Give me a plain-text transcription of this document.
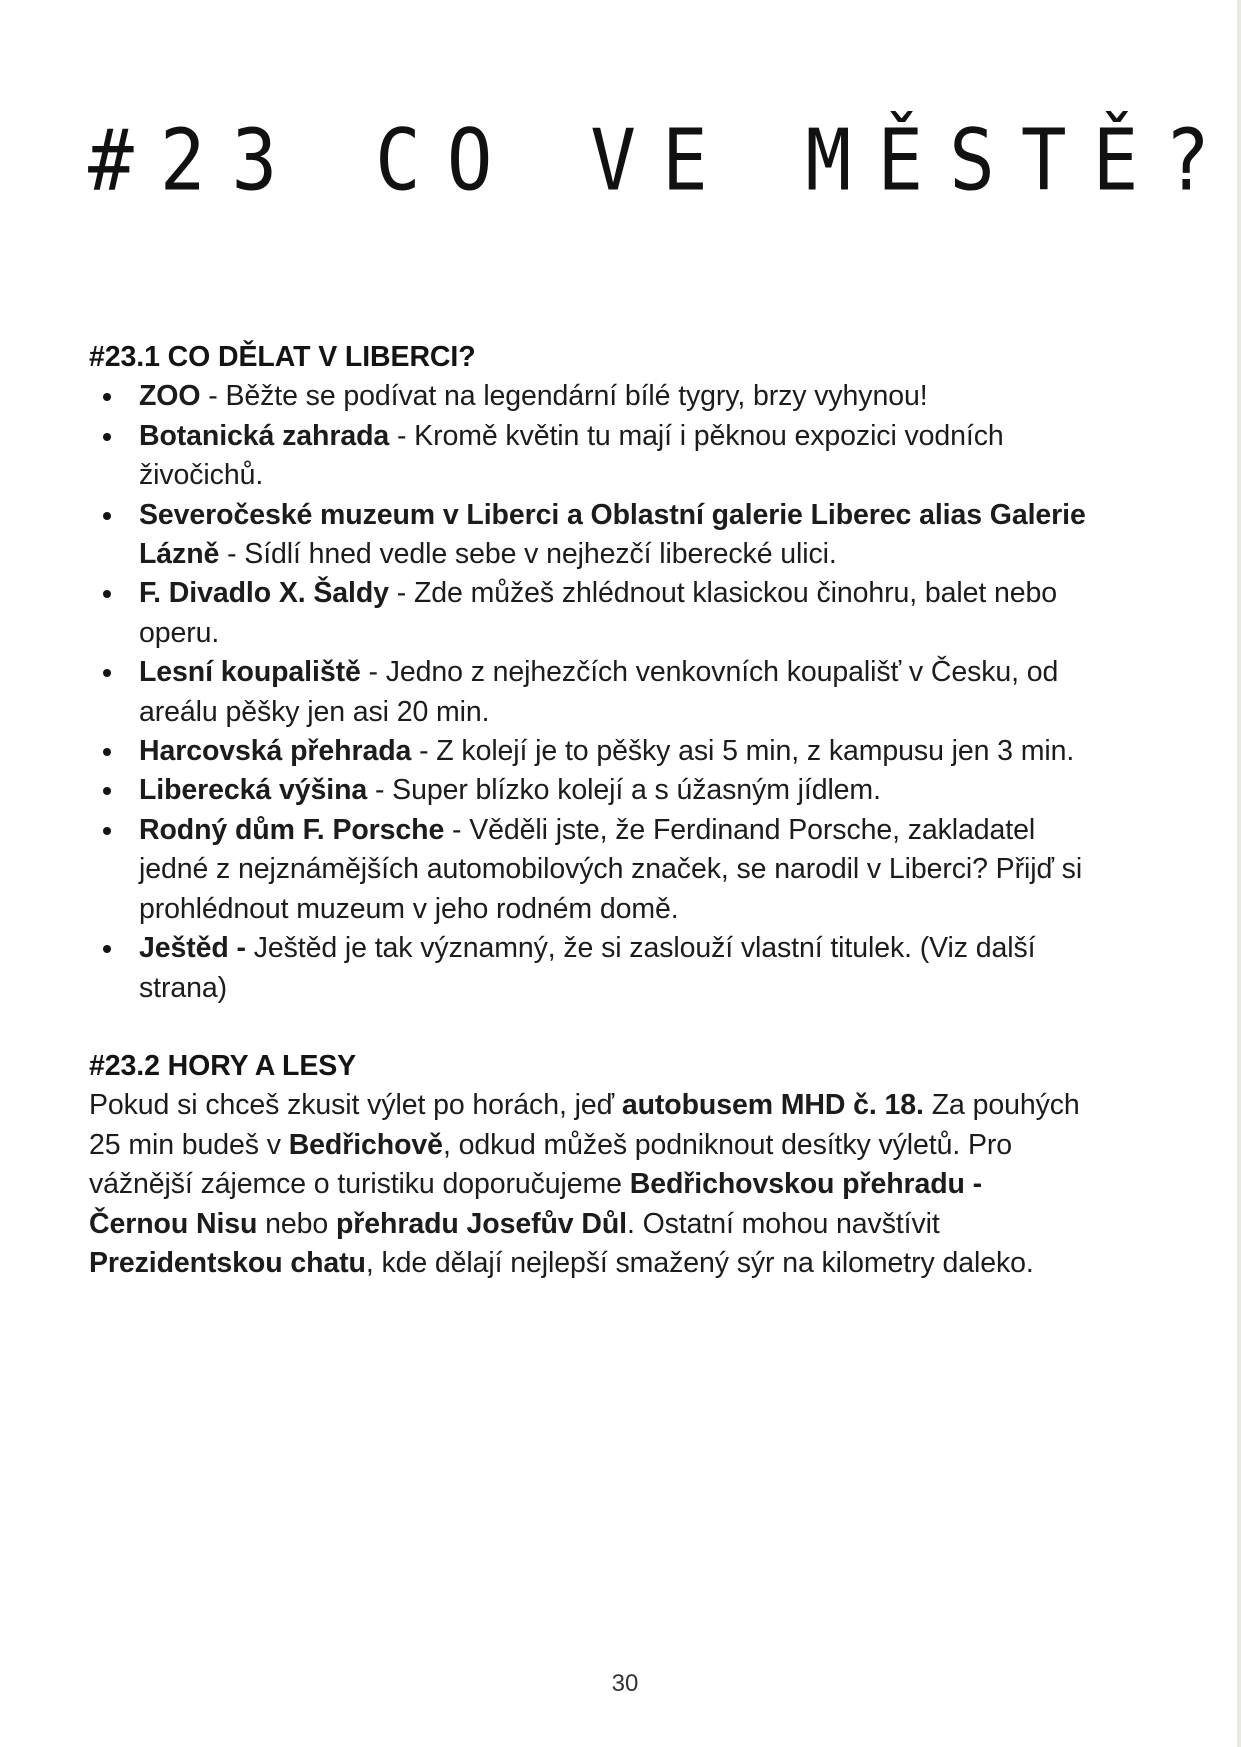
#23 CO VE MĚSTĚ?
#23.1 CO DĚLAT V LIBERCI?
ZOO - Běžte se podívat na legendární bílé tygry, brzy vyhynou!
Botanická zahrada - Kromě květin tu mají i pěknou expozici vodních živočichů.
Severočeské muzeum v Liberci a Oblastní galerie Liberec alias Galerie Lázně - Sídlí hned vedle sebe v nejhezčí liberecké ulici.
F. Divadlo X. Šaldy - Zde můžeš zhlédnout klasickou činohru, balet nebo operu.
Lesní koupaliště - Jedno z nejhezčích venkovních koupališť v Česku, od areálu pěšky jen asi 20 min.
Harcovská přehrada - Z kolejí je to pěšky asi 5 min, z kampusu jen 3 min.
Liberecká výšina - Super blízko kolejí a s úžasným jídlem.
Rodný dům F. Porsche - Věděli jste, že Ferdinand Porsche, zakladatel jedné z nejznámějších automobilových značek, se narodil v Liberci? Přijď si prohlédnout muzeum v jeho rodném domě.
Ještěd - Ještěd je tak významný, že si zaslouží vlastní titulek. (Viz další strana)
#23.2 HORY A LESY

Pokud si chceš zkusit výlet po horách, jeď autobusem MHD č. 18. Za pouhých 25 min budeš v Bedřichově, odkud můžeš podniknout desítky výletů. Pro vážnější zájemce o turistiku doporučujeme Bedřichovskou přehradu - Černou Nisu nebo přehradu Josefův Důl. Ostatní mohou navštívit Prezidentskou chatu, kde dělají nejlepší smažený sýr na kilometry daleko.

30
